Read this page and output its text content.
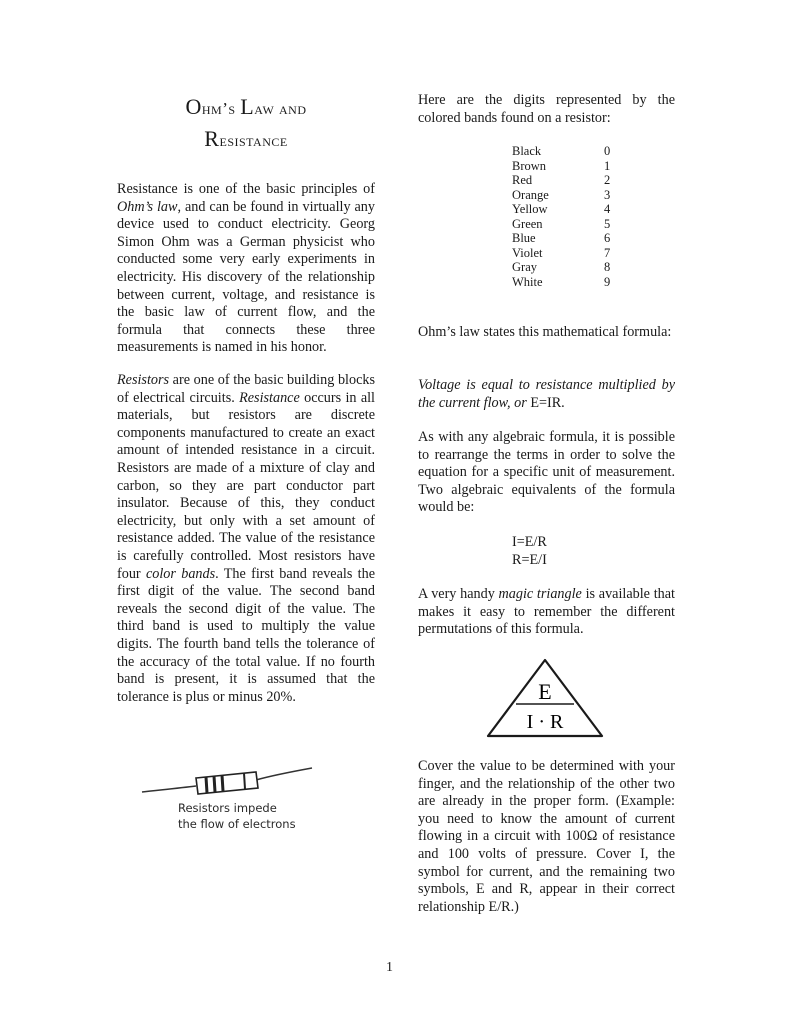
Ohm’s Law and
Resistance

Resistance is one of the basic principles of Ohm’s law, and can be found in virtually any device used to conduct electricity. Georg Simon Ohm was a German physicist who conducted some very early experiments in electricity. His discovery of the relationship between current, voltage, and resistance is the basic law of current flow, and the formula that connects these three measurements is named in his honor.

Resistors are one of the basic building blocks of electrical circuits. Resistance occurs in all materials, but resistors are discrete components manufactured to create an exact amount of intended resistance in a circuit. Resistors are made of a mixture of clay and carbon, so they are part conductor part insulator. Because of this, they conduct electricity, but only with a set amount of resistance added. The value of the resistance is carefully controlled. Most resistors have four color bands. The first band reveals the first digit of the value. The second band reveals the second digit of the value. The third band is used to multiply the value digits. The fourth band tells the tolerance of the accuracy of the total value. If no fourth band is present, it is assumed that the tolerance is plus or minus 20%.

Resistors impede
the flow of electrons

Here are the digits represented by the colored bands found on a resistor:

Black	0
Brown	1
Red	2
Orange	3
Yellow	4
Green	5
Blue	6
Violet	7
Gray	8
White	9

Ohm’s law states this mathematical formula:

Voltage is equal to resistance multiplied by the current flow, or E=IR.

As with any algebraic formula, it is possible to rearrange the terms in order to solve the equation for a specific unit of measurement. Two algebraic equivalents of the formula would be:

I=E/R
R=E/I

A very handy magic triangle is available that makes it easy to remember the different permutations of this formula.

Cover the value to be determined with your finger, and the relationship of the other two are already in the proper form. (Example: you need to know the amount of current flowing in a circuit with 100Ω of resistance and 100 volts of pressure. Cover I, the symbol for current, and the remaining two symbols, E and R, appear in their correct relationship E/R.)

E
I · R
1
